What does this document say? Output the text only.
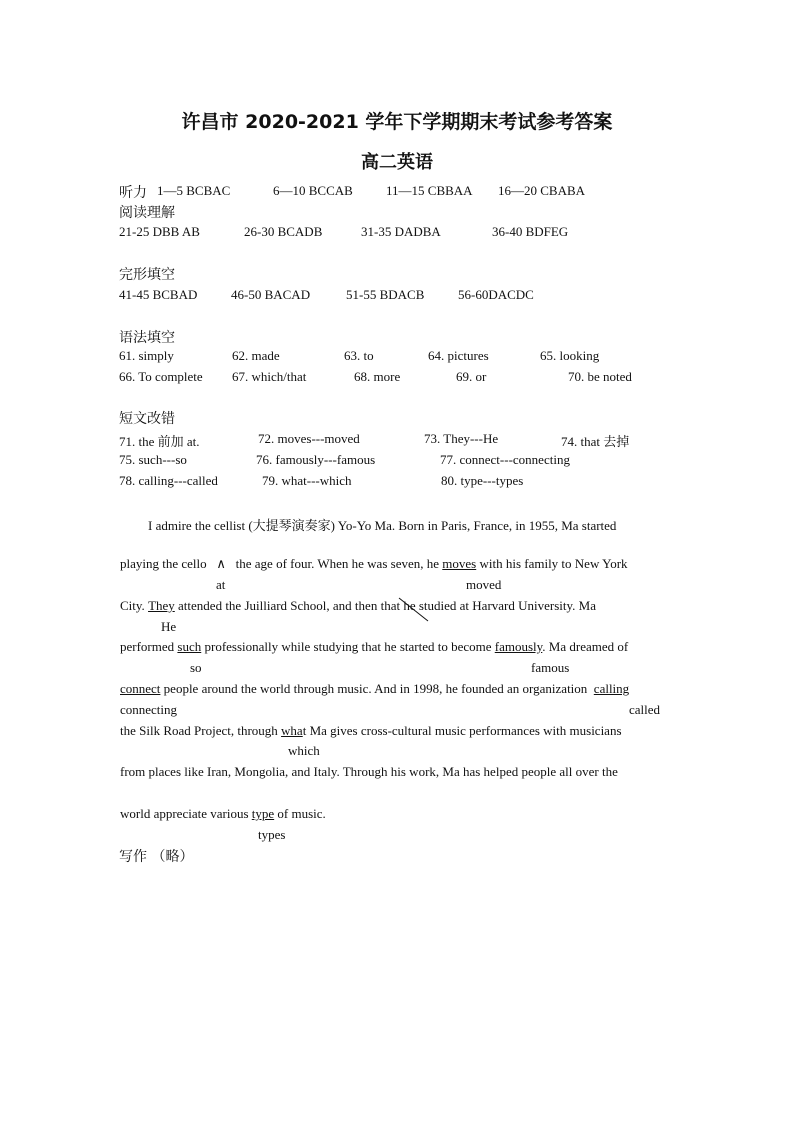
许昌市 2020-2021 学年下学期期末考试参考答案
高二英语
听力 1—5 BCBAC	6—10 BCCAB	11—15 CBBAA 16—20 CBABA
阅读理解
21-25 DBB AB	26-30 BCADB	31-35 DADBA	36-40 BDFEG
完形填空
41-45 BCBAD	46-50 BACAD	51-55 BDACB	56-60DACDC
语法填空
61. simply	62. made	63. to	64. pictures	65. looking
66. To complete 67. which/that	68. more	69. or	70. be noted
短文改错
71. the 前加 at.	72. moves---moved	73. They---He	74. that 去掉
75. such---so	76. famously---famous	77. connect---connecting
78. calling---called	79. what---which	80. type---types
I admire the cellist (大提琴演奏家) Yo-Yo Ma. Born in Paris, France, in 1955, Ma started
playing the cello ∧ the age of four. When he was seven, he moves with his family to New York
at	moved
City. They attended the Juilliard School, and then that he studied at Harvard University. Ma
He
performed such professionally while studying that he started to become famously. Ma dreamed of
so	famous
connect people around the world through music. And in 1998, he founded an organization calling
connecting	called
the Silk Road Project, through what Ma gives cross-cultural music performances with musicians
which
from places like Iran, Mongolia, and Italy. Through his work, Ma has helped people all over the
world appreciate various type of music.
types
写作 （略）
